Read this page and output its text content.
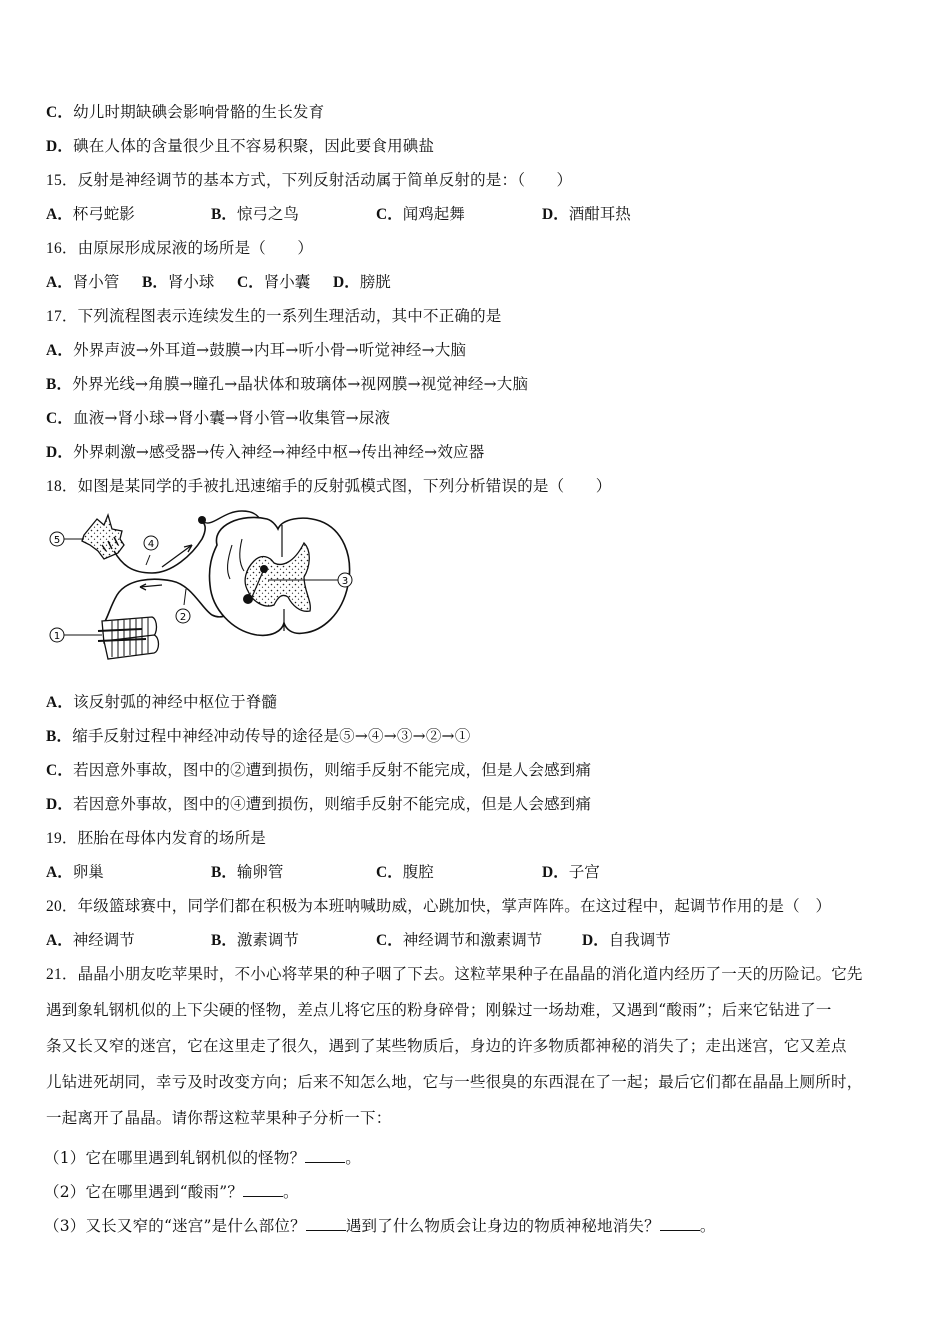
C．幼儿时期缺碘会影响骨骼的生长发育
D．碘在人体的含量很少且不容易积聚，因此要食用碘盐
15．反射是神经调节的基本方式，下列反射活动属于简单反射的是：（　　）
A．杯弓蛇影	B．惊弓之鸟	C．闻鸡起舞	D．酒酣耳热
16．由原尿形成尿液的场所是（　　）
A．肾小管 B．肾小球 C．肾小囊 D．膀胱
17．下列流程图表示连续发生的一系列生理活动，其中不正确的是
A．外界声波→外耳道→鼓膜→内耳→听小骨→听觉神经→大脑
B．外界光线→角膜→瞳孔→晶状体和玻璃体→视网膜→视觉神经→大脑
C．血液→肾小球→肾小囊→肾小管→收集管→尿液
D．外界刺激→感受器→传入神经→神经中枢→传出神经→效应器
18．如图是某同学的手被扎迅速缩手的反射弧模式图，下列分析错误的是（　　）
5	4
2
1
3
A．该反射弧的神经中枢位于脊髓
B．缩手反射过程中神经冲动传导的途径是⑤→④→③→②→①
C．若因意外事故，图中的②遭到损伤，则缩手反射不能完成，但是人会感到痛
D．若因意外事故，图中的④遭到损伤，则缩手反射不能完成，但是人会感到痛
19．胚胎在母体内发育的场所是
A．卵巢	B．输卵管	C．腹腔	D．子宫
20．年级篮球赛中，同学们都在积极为本班呐喊助威，心跳加快，掌声阵阵。在这过程中，起调节作用的是（　）
A．神经调节	B．激素调节	C．神经调节和激素调节	D．自我调节
21．晶晶小朋友吃苹果时，不小心将苹果的种子咽了下去。这粒苹果种子在晶晶的消化道内经历了一天的历险记。它先
遇到象轧钢机似的上下尖硬的怪物，差点儿将它压的粉身碎骨；刚躲过一场劫难，又遇到“酸雨”；后来它钻进了一
条又长又窄的迷宫，它在这里走了很久，遇到了某些物质后，身边的许多物质都神秘的消失了；走出迷宫，它又差点
儿钻进死胡同，幸亏及时改变方向；后来不知怎么地，它与一些很臭的东西混在了一起；最后它们都在晶晶上厕所时，
一起离开了晶晶。请你帮这粒苹果种子分析一下：
（1）它在哪里遇到轧钢机似的怪物？	。
（2）它在哪里遇到“酸雨”？	。
（3）又长又窄的“迷宫”是什么部位？	遇到了什么物质会让身边的物质神秘地消失？	。
